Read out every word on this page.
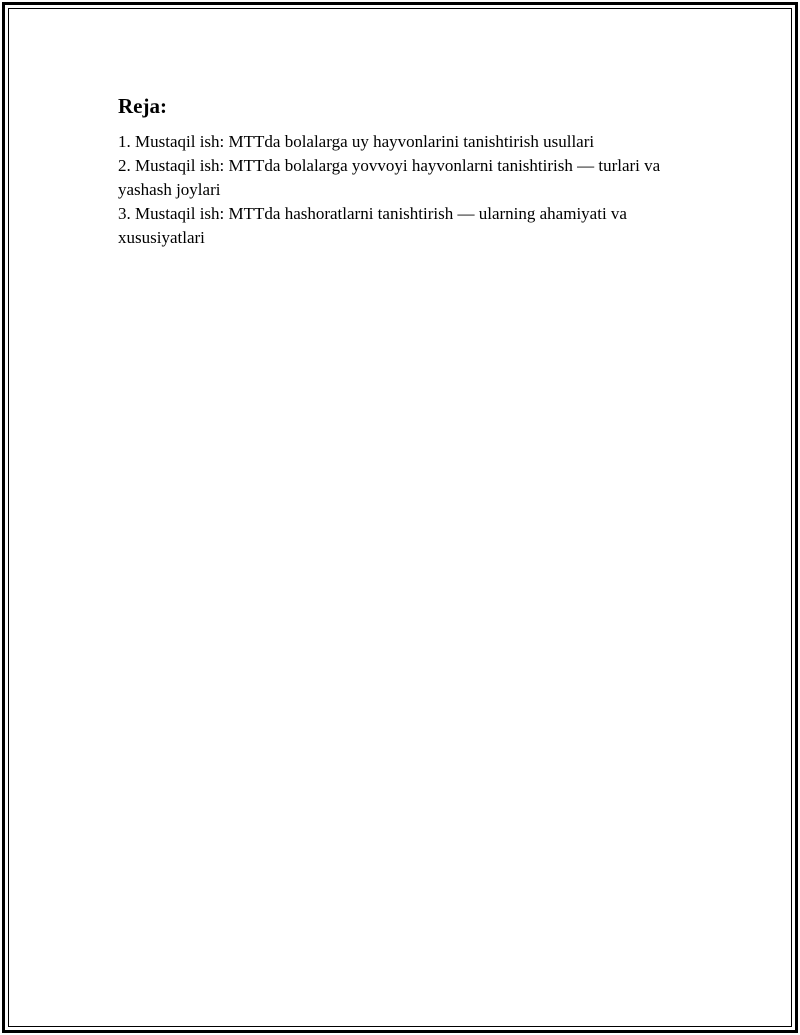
Reja:
1. Mustaqil ish: MTTda bolalarga uy hayvonlarini tanishtirish usullari
2. Mustaqil ish: MTTda bolalarga yovvoyi hayvonlarni tanishtirish — turlari va yashash joylari
3. Mustaqil ish: MTTda hashoratlarni tanishtirish — ularning ahamiyati va xususiyatlari
